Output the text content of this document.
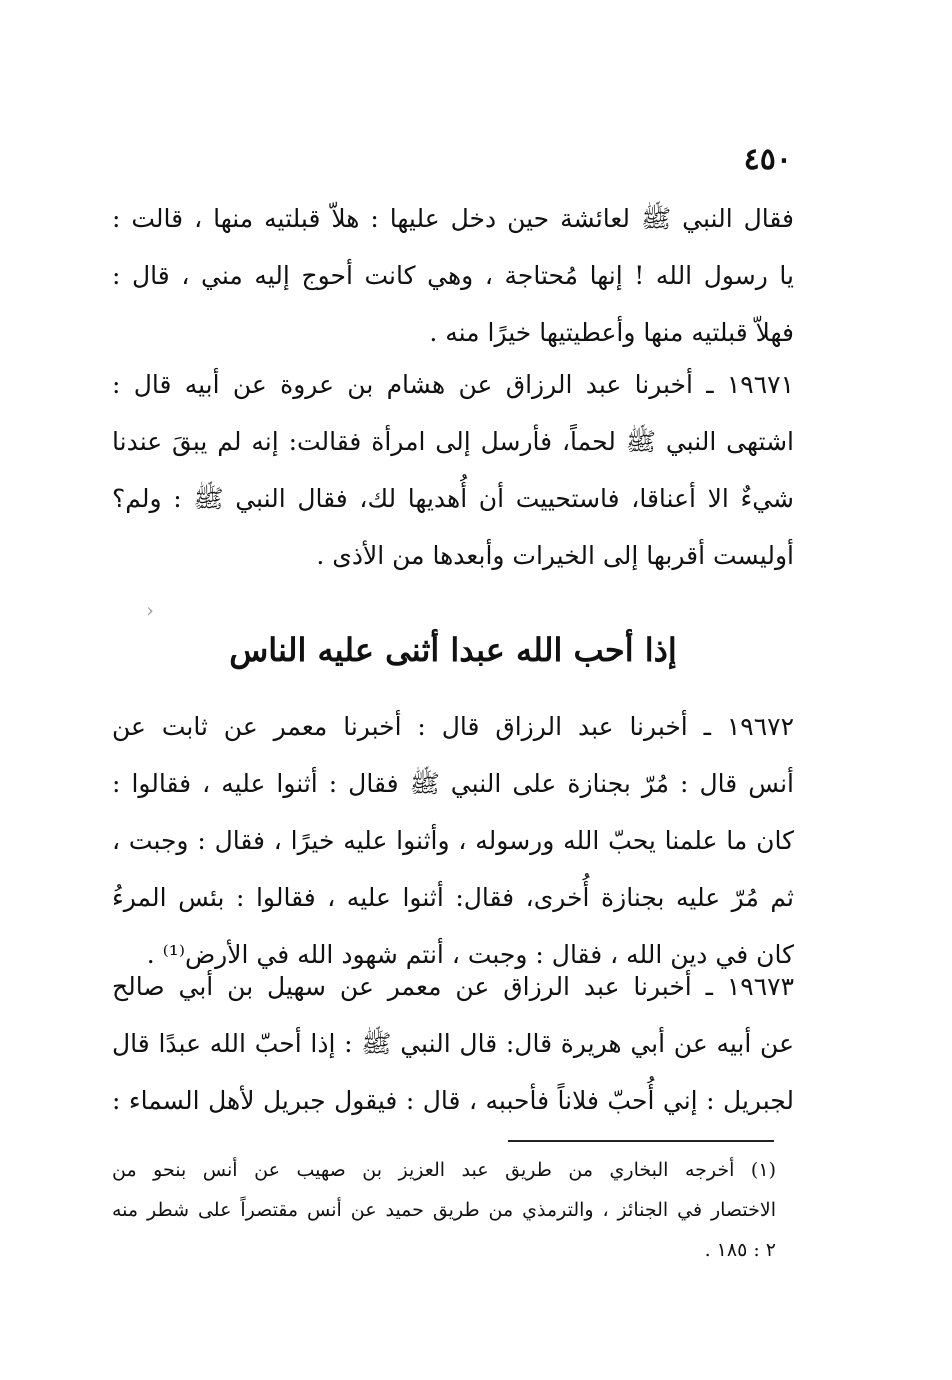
٤٥٠
فقال النبي ﷺ لعائشة حين دخل عليها : هلاّ قبلتيه منها ، قالت :
يا رسول الله ! إنها مُحتاجة ، وهي كانت أحوج إليه مني ، قال :
فهلاّ قبلتيه منها وأعطيتيها خيرًا منه .
١٩٦٧١ ـ أخبرنا عبد الرزاق عن هشام بن عروة عن أبيه قال :
اشتهى النبي ﷺ لحماً، فأرسل إلى امرأة فقالت: إنه لم يبقَ عندنا
شيءٌ الا أعناقا، فاستحييت أن أُهديها لك، فقال النبي ﷺ : ولم؟
أوليست أقربها إلى الخيرات وأبعدها من الأذى .
›
إذا أحب الله عبدا أثنى عليه الناس
١٩٦٧٢ ـ أخبرنا عبد الرزاق قال : أخبرنا معمر عن ثابت عن
أنس قال : مُرّ بجنازة على النبي ﷺ فقال : أثنوا عليه ، فقالوا :
كان ما علمنا يحبّ الله ورسوله ، وأثنوا عليه خيرًا ، فقال : وجبت ،
ثم مُرّ عليه بجنازة أُخرى، فقال: أثنوا عليه ، فقالوا : بئس المرءُ
كان في دين الله ، فقال : وجبت ، أنتم شهود الله في الأرض⁽¹⁾ .
١٩٦٧٣ ـ أخبرنا عبد الرزاق عن معمر عن سهيل بن أبي صالح
عن أبيه عن أبي هريرة قال: قال النبي ﷺ : إذا أحبّ الله عبدًا قال
لجبريل : إني أُحبّ فلاناً فأحببه ، قال : فيقول جبريل لأهل السماء :
(١) أخرجه البخاري من طريق عبد العزيز بن صهيب عن أنس بنحو من
الاختصار في الجنائز ، والترمذي من طريق حميد عن أنس مقتصراً على شطر منه
٢ : ١٨٥ .
